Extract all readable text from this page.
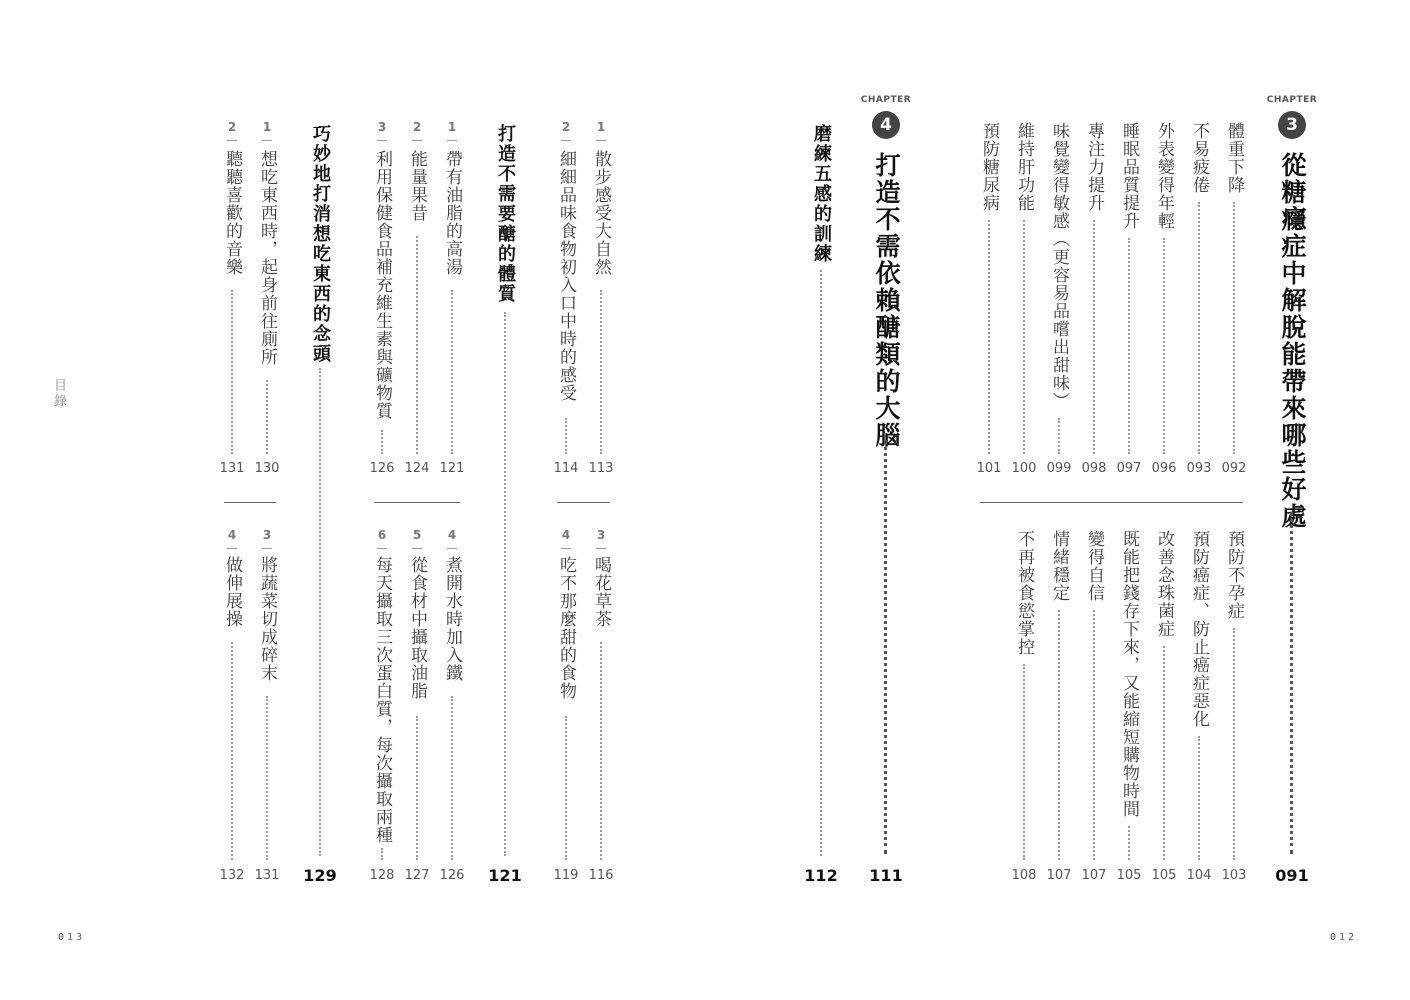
目錄
013	012
CHAPTER
3
從糖癮症中解脫能帶來哪些好處
091
體重下降
092
不易疲倦
093
外表變得年輕
096
睡眠品質提升
097
專注力提升
098
味覺變得敏感（更容易品嚐出甜味）
099
維持肝功能
100
預防糖尿病
101
預防不孕症
103
預防癌症、防止癌症惡化
104
改善念珠菌症
105
既能把錢存下來，又能縮短購物時間
105
變得自信
107
情緒穩定
107
不再被食慾掌控
108
CHAPTER
4
打造不需依賴醣類的大腦
111
磨練五感的訓練
112
1
散步感受大自然
113
2
細細品味食物初入口中時的感受
114
3
喝花草茶
116
4
吃不那麼甜的食物
119
打造不需要醣的體質
121
1
帶有油脂的高湯
121
2
能量果昔
124
3
利用保健食品補充維生素與礦物質
126
4
煮開水時加入鐵
126
5
從食材中攝取油脂
127
6
每天攝取三次蛋白質，每次攝取兩種
128
巧妙地打消想吃東西的念頭
129
1
想吃東西時，起身前往廁所
130
2
聽聽喜歡的音樂
131
3
將蔬菜切成碎末
131
4
做伸展操
132
